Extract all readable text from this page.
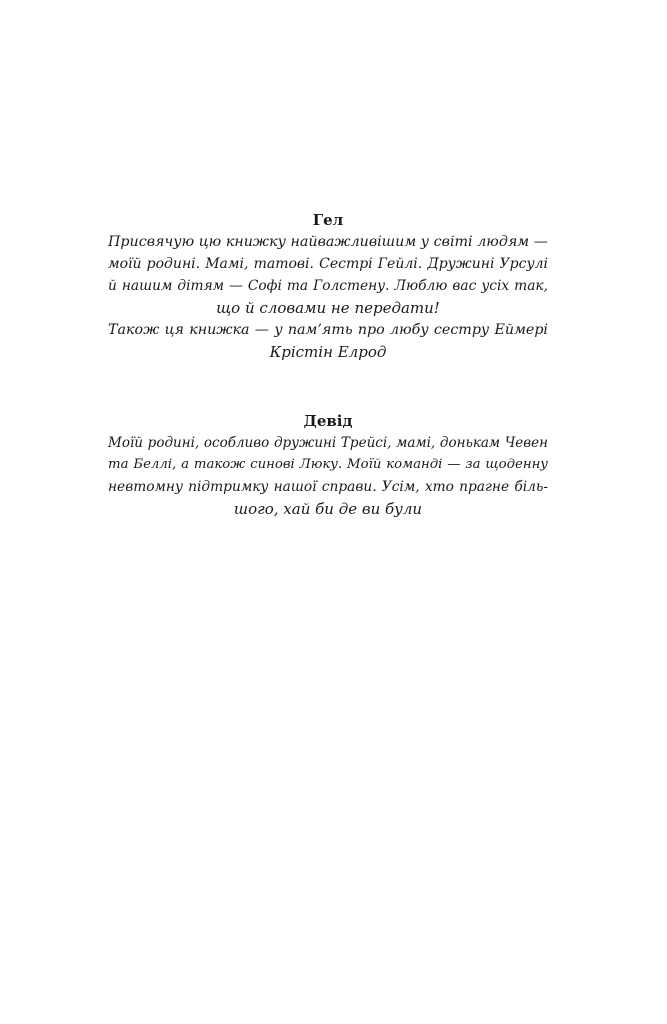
Гел

Присвячую цю книжку найважливішим у світі людям —

моїй родині. Мамі, татові. Сестрі Гейлі. Дружині Урсулі

й нашим дітям — Софі та Голстену. Люблю вас усіх так,

що й словами не передати!

Також ця книжка — у пам’ять про любу сестру Еймері

Крістін Елрод

Девід

Моїй родині, особливо дружині Трейсі, мамі, донькам Чевен

та Беллі, а також синові Люку. Моїй команді — за щоденну

невтомну підтримку нашої справи. Усім, хто прагне біль-

шого, хай би де ви були
